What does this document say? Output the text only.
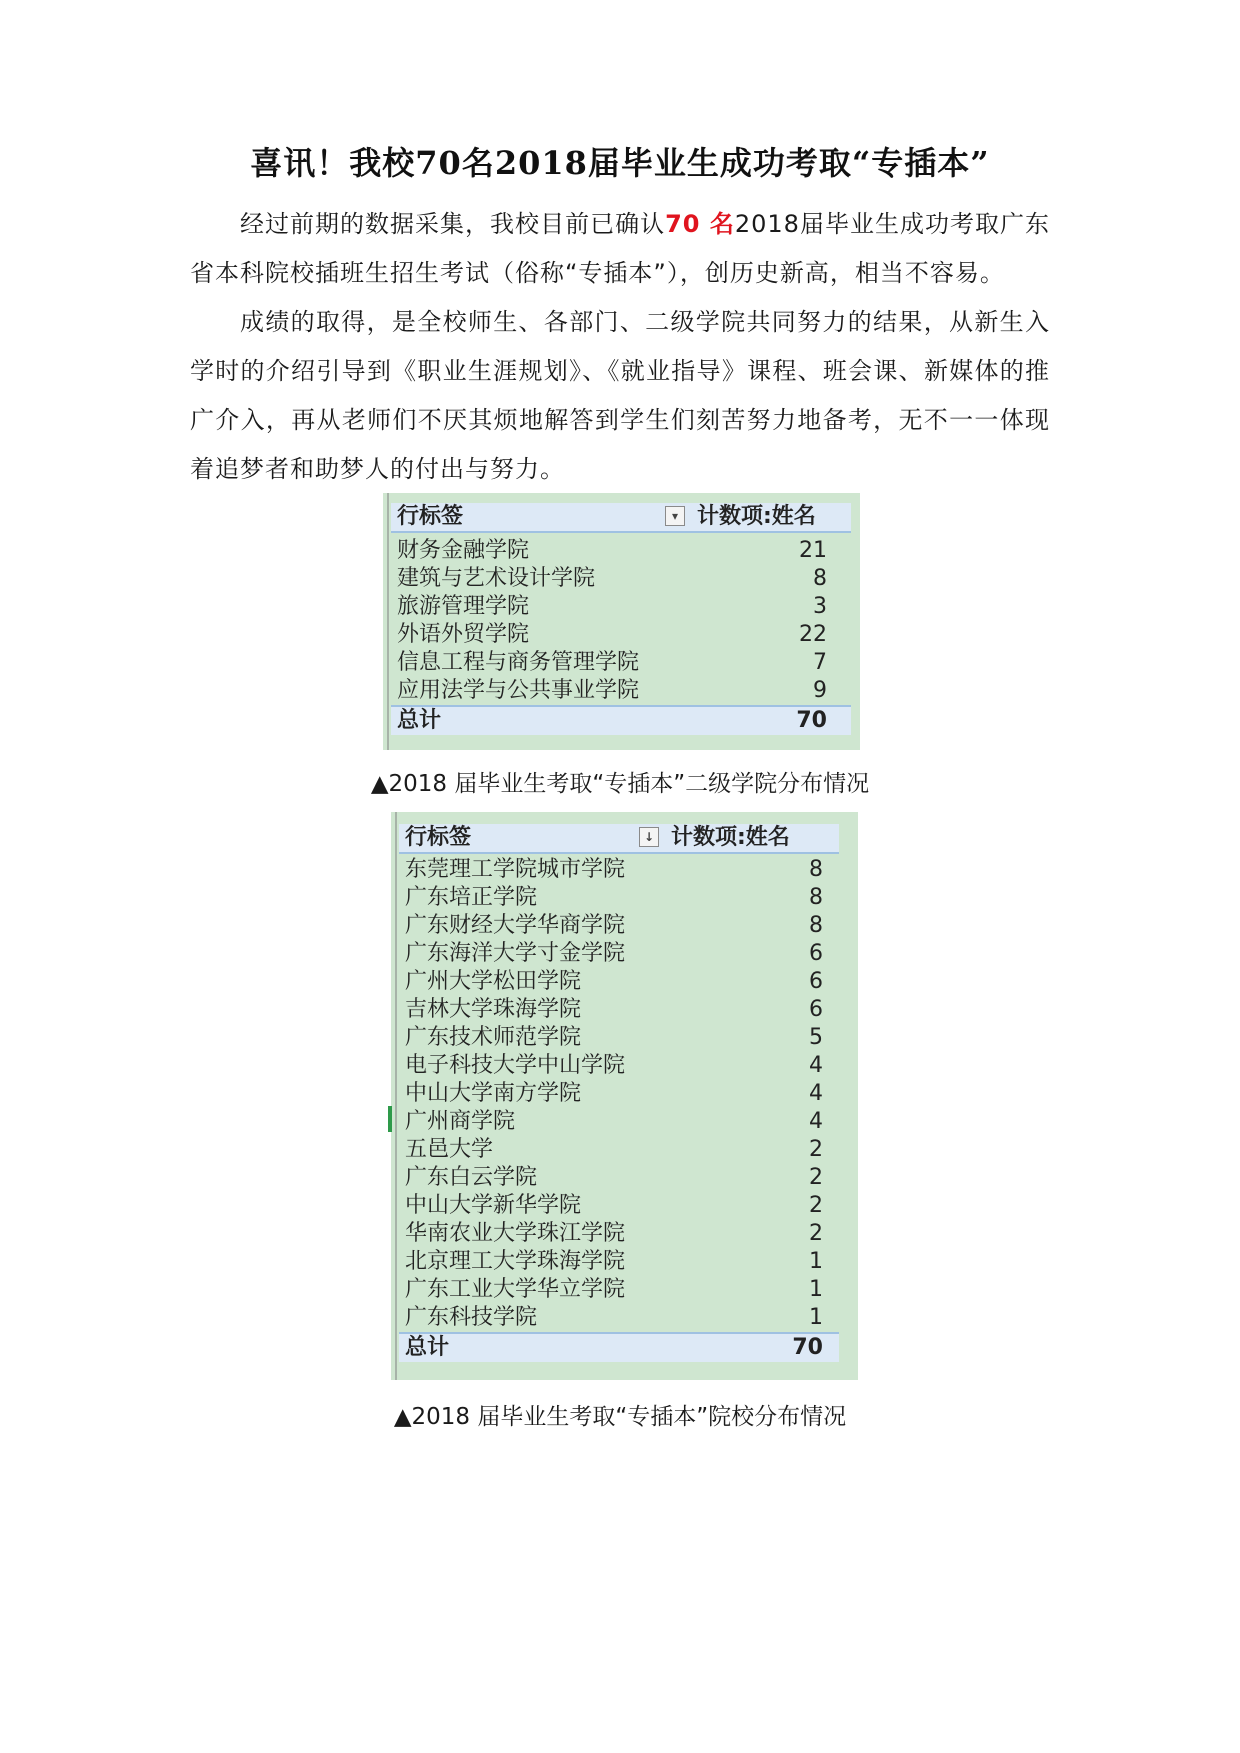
喜讯！我校70名2018届毕业生成功考取“专插本”
经过前期的数据采集，我校目前已确认70 名2018届毕业生成功考取广东省本科院校插班生招生考试（俗称“专插本”），创历史新高，相当不容易。
成绩的取得，是全校师生、各部门、二级学院共同努力的结果，从新生入学时的介绍引导到《职业生涯规划》、《就业指导》课程、班会课、新媒体的推广介入，再从老师们不厌其烦地解答到学生们刻苦努力地备考，无不一一体现着追梦者和助梦人的付出与努力。
行标签	▾ 计数项:姓名
财务金融学院	21
建筑与艺术设计学院	8
旅游管理学院	3
外语外贸学院	22
信息工程与商务管理学院	7
应用法学与公共事业学院	9
总计	70
▲2018 届毕业生考取“专插本”二级学院分布情况
行标签	↓ 计数项:姓名
东莞理工学院城市学院	8
广东培正学院	8
广东财经大学华商学院	8
广东海洋大学寸金学院	6
广州大学松田学院	6
吉林大学珠海学院	6
广东技术师范学院	5
电子科技大学中山学院	4
中山大学南方学院	4
广州商学院	4
五邑大学	2
广东白云学院	2
中山大学新华学院	2
华南农业大学珠江学院	2
北京理工大学珠海学院	1
广东工业大学华立学院	1
广东科技学院	1
总计	70
▲2018 届毕业生考取“专插本”院校分布情况
